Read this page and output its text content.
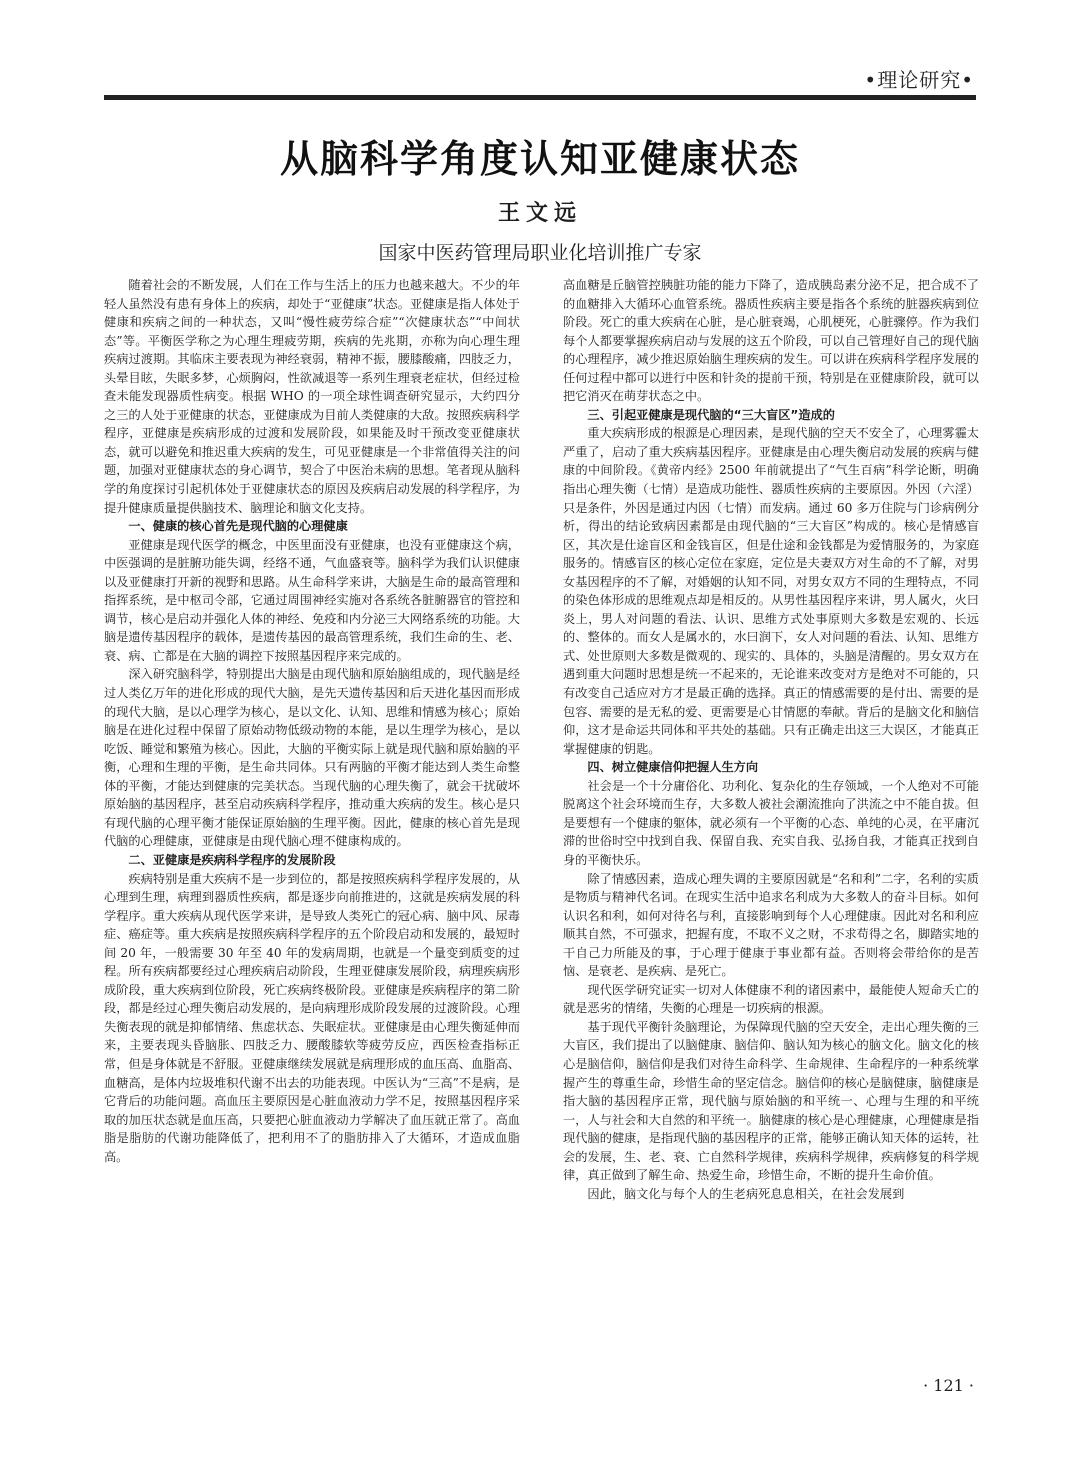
•理论研究•
从脑科学角度认知亚健康状态
王文远
国家中医药管理局职业化培训推广专家

随着社会的不断发展，人们在工作与生活上的压力也越来越大。不少的年轻人虽然没有患有身体上的疾病，却处于“亚健康”状态。亚健康是指人体处于健康和疾病之间的一种状态，又叫“慢性疲劳综合症”“次健康状态”“中间状态”等。平衡医学称之为心理生理疲劳期，疾病的先兆期，亦称为向心理生理疾病过渡期。其临床主要表现为神经衰弱，精神不振，腰膝酸痛，四肢乏力，头晕目眩，失眠多梦，心烦胸闷，性欲减退等一系列生理衰老症状，但经过检查未能发现器质性病变。根据 WHO 的一项全球性调查研究显示，大约四分之三的人处于亚健康的状态，亚健康成为目前人类健康的大敌。按照疾病科学程序，亚健康是疾病形成的过渡和发展阶段，如果能及时干预改变亚健康状态，就可以避免和推迟重大疾病的发生，可见亚健康是一个非常值得关注的问题，加强对亚健康状态的身心调节，契合了中医治未病的思想。笔者现从脑科学的角度探讨引起机体处于亚健康状态的原因及疾病启动发展的科学程序，为提升健康质量提供脑技术、脑理论和脑文化支持。

一、健康的核心首先是现代脑的心理健康

亚健康是现代医学的概念，中医里面没有亚健康，也没有亚健康这个病，中医强调的是脏腑功能失调，经络不通，气血盛衰等。脑科学为我们认识健康以及亚健康打开新的视野和思路。从生命科学来讲，大脑是生命的最高管理和指挥系统，是中枢司令部，它通过周围神经实施对各系统各脏腑器官的管控和调节，核心是启动并强化人体的神经、免疫和内分泌三大网络系统的功能。大脑是遗传基因程序的载体，是遗传基因的最高管理系统，我们生命的生、老、衰、病、亡都是在大脑的调控下按照基因程序来完成的。

深入研究脑科学，特别提出大脑是由现代脑和原始脑组成的，现代脑是经过人类亿万年的进化形成的现代大脑，是先天遗传基因和后天进化基因而形成的现代大脑，是以心理学为核心，是以文化、认知、思维和情感为核心；原始脑是在进化过程中保留了原始动物低级动物的本能，是以生理学为核心，是以吃饭、睡觉和繁殖为核心。因此，大脑的平衡实际上就是现代脑和原始脑的平衡，心理和生理的平衡，是生命共同体。只有两脑的平衡才能达到人类生命整体的平衡，才能达到健康的完美状态。当现代脑的心理失衡了，就会干扰破坏原始脑的基因程序，甚至启动疾病科学程序，推动重大疾病的发生。核心是只有现代脑的心理平衡才能保证原始脑的生理平衡。因此，健康的核心首先是现代脑的心理健康，亚健康是由现代脑心理不健康构成的。

二、亚健康是疾病科学程序的发展阶段

疾病特别是重大疾病不是一步到位的，都是按照疾病科学程序发展的，从心理到生理，病理到器质性疾病，都是逐步向前推进的，这就是疾病发展的科学程序。重大疾病从现代医学来讲，是导致人类死亡的冠心病、脑中风、尿毒症、癌症等。重大疾病是按照疾病科学程序的五个阶段启动和发展的，最短时间 20 年，一般需要 30 年至 40 年的发病周期，也就是一个量变到质变的过程。所有疾病都要经过心理疾病启动阶段，生理亚健康发展阶段，病理疾病形成阶段，重大疾病到位阶段，死亡疾病终极阶段。亚健康是疾病程序的第二阶段，都是经过心理失衡启动发展的，是向病理形成阶段发展的过渡阶段。心理失衡表现的就是抑郁情绪、焦虑状态、失眠症状。亚健康是由心理失衡延伸而来，主要表现头昏脑胀、四肢乏力、腰酸膝软等疲劳反应，西医检查指标正常，但是身体就是不舒服。亚健康继续发展就是病理形成的血压高、血脂高、血糖高，是体内垃圾堆积代谢不出去的功能表现。中医认为“三高”不是病，是它背后的功能问题。高血压主要原因是心脏血液动力学不足，按照基因程序采取的加压状态就是血压高，只要把心脏血液动力学解决了血压就正常了。高血脂是脂肪的代谢功能降低了，把利用不了的脂肪排入了大循环，才造成血脂高。

高血糖是丘脑管控胰脏功能的能力下降了，造成胰岛素分泌不足，把合成不了的血糖排入大循环心血管系统。器质性疾病主要是指各个系统的脏器疾病到位阶段。死亡的重大疾病在心脏，是心脏衰竭，心肌梗死，心脏骤停。作为我们每个人都要掌握疾病启动与发展的这五个阶段，可以自己管理好自己的现代脑的心理程序，减少推迟原始脑生理疾病的发生。可以讲在疾病科学程序发展的任何过程中都可以进行中医和针灸的提前干预，特别是在亚健康阶段，就可以把它消灭在萌芽状态之中。

三、引起亚健康是现代脑的“三大盲区”造成的

重大疾病形成的根源是心理因素，是现代脑的空天不安全了，心理雾霾太严重了，启动了重大疾病基因程序。亚健康是由心理失衡启动发展的疾病与健康的中间阶段。《黄帝内经》2500 年前就提出了“气生百病”科学论断，明确指出心理失衡（七情）是造成功能性、器质性疾病的主要原因。外因（六淫）只是条件，外因是通过内因（七情）而发病。通过 60 多万住院与门诊病例分析，得出的结论致病因素都是由现代脑的“三大盲区”构成的。核心是情感盲区，其次是仕途盲区和金钱盲区，但是仕途和金钱都是为爱情服务的，为家庭服务的。情感盲区的核心定位在家庭，定位是夫妻双方对生命的不了解，对男女基因程序的不了解，对婚姻的认知不同，对男女双方不同的生理特点，不同的染色体形成的思维观点却是相反的。从男性基因程序来讲，男人属火，火曰炎上，男人对问题的看法、认识、思维方式处事原则大多数是宏观的、长远的、整体的。而女人是属水的，水曰润下，女人对问题的看法、认知、思维方式、处世原则大多数是微观的、现实的、具体的，头脑是清醒的。男女双方在遇到重大问题时思想是统一不起来的，无论谁来改变对方是绝对不可能的，只有改变自己适应对方才是最正确的选择。真正的情感需要的是付出、需要的是包容、需要的是无私的爱、更需要是心甘情愿的奉献。背后的是脑文化和脑信仰，这才是命运共同体和平共处的基础。只有正确走出这三大误区，才能真正掌握健康的钥匙。

四、树立健康信仰把握人生方向

社会是一个十分庸俗化、功利化、复杂化的生存领域，一个人绝对不可能脱离这个社会环境而生存，大多数人被社会潮流推向了洪流之中不能自拔。但是要想有一个健康的躯体，就必须有一个平衡的心态、单纯的心灵，在平庸沉滞的世俗时空中找到自我、保留自我、充实自我、弘扬自我，才能真正找到自身的平衡快乐。

除了情感因素，造成心理失调的主要原因就是“名和利”二字，名利的实质是物质与精神代名词。在现实生活中追求名利成为大多数人的奋斗目标。如何认识名和利，如何对待名与利，直接影响到每个人心理健康。因此对名和利应顺其自然，不可强求，把握有度，不取不义之财，不求苟得之名，脚踏实地的干自己力所能及的事，于心理于健康于事业都有益。否则将会带给你的是苦恼、是衰老、是疾病、是死亡。

现代医学研究证实一切对人体健康不利的诸因素中，最能使人短命夭亡的就是恶劣的情绪，失衡的心理是一切疾病的根源。

基于现代平衡针灸脑理论，为保障现代脑的空天安全，走出心理失衡的三大盲区，我们提出了以脑健康、脑信仰、脑认知为核心的脑文化。脑文化的核心是脑信仰，脑信仰是我们对待生命科学、生命规律、生命程序的一种系统掌握产生的尊重生命，珍惜生命的坚定信念。脑信仰的核心是脑健康，脑健康是指大脑的基因程序正常，现代脑与原始脑的和平统一、心理与生理的和平统一，人与社会和大自然的和平统一。脑健康的核心是心理健康，心理健康是指现代脑的健康，是指现代脑的基因程序的正常，能够正确认知天体的运转，社会的发展，生、老、衰、亡自然科学规律，疾病科学规律，疾病修复的科学规律，真正做到了解生命、热爱生命，珍惜生命，不断的提升生命价值。

因此，脑文化与每个人的生老病死息息相关，在社会发展到

· 121 ·
